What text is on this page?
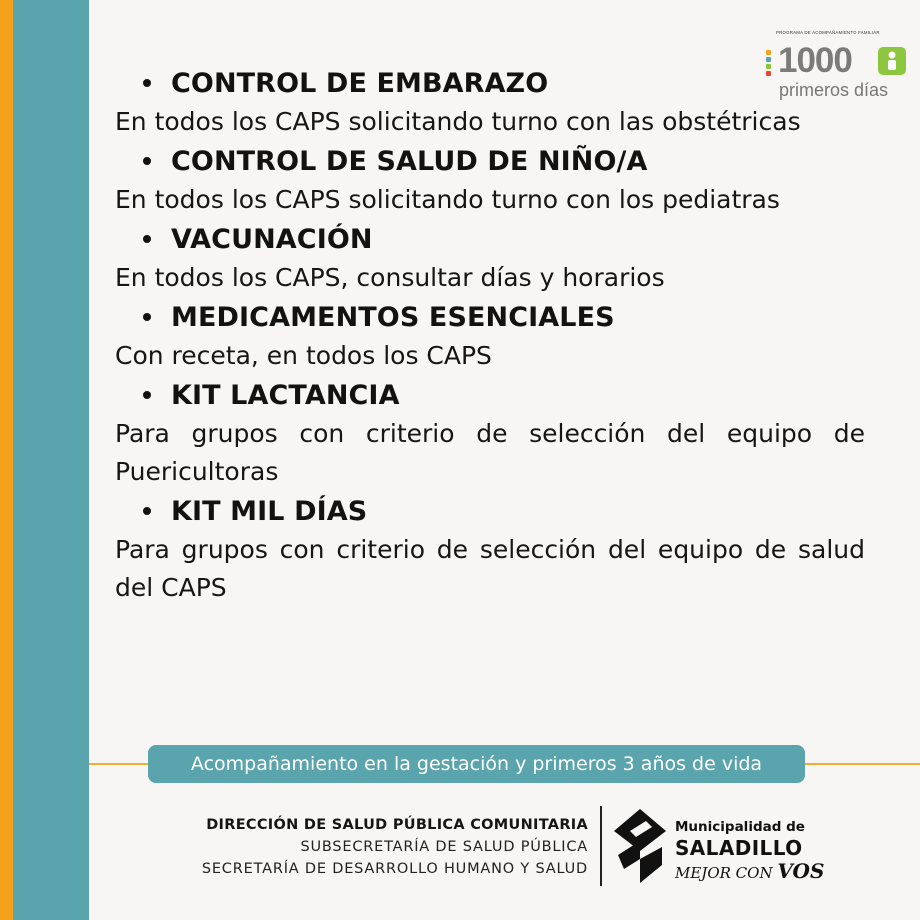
PROGRAMA DE ACOMPAÑAMIENTO FAMILIAR
1000
primeros días
CONTROL DE EMBARAZO

En todos los CAPS solicitando turno con las obstétricas

CONTROL DE SALUD DE NIÑO/A

En todos los CAPS solicitando turno con los pediatras

VACUNACIÓN

En todos los CAPS, consultar días y horarios

MEDICAMENTOS ESENCIALES

Con receta, en todos los CAPS

KIT LACTANCIA

Para grupos con criterio de selección del equipo de Puericultoras

KIT MIL DÍAS

Para grupos con criterio de selección del equipo de salud del CAPS

Acompañamiento en la gestación y primeros 3 años de vida
DIRECCIÓN DE SALUD PÚBLICA COMUNITARIA
SUBSECRETARÍA DE SALUD PÚBLICA
SECRETARÍA DE DESARROLLO HUMANO Y SALUD
Municipalidad de
SALADILLO
MEJOR CON VOS
